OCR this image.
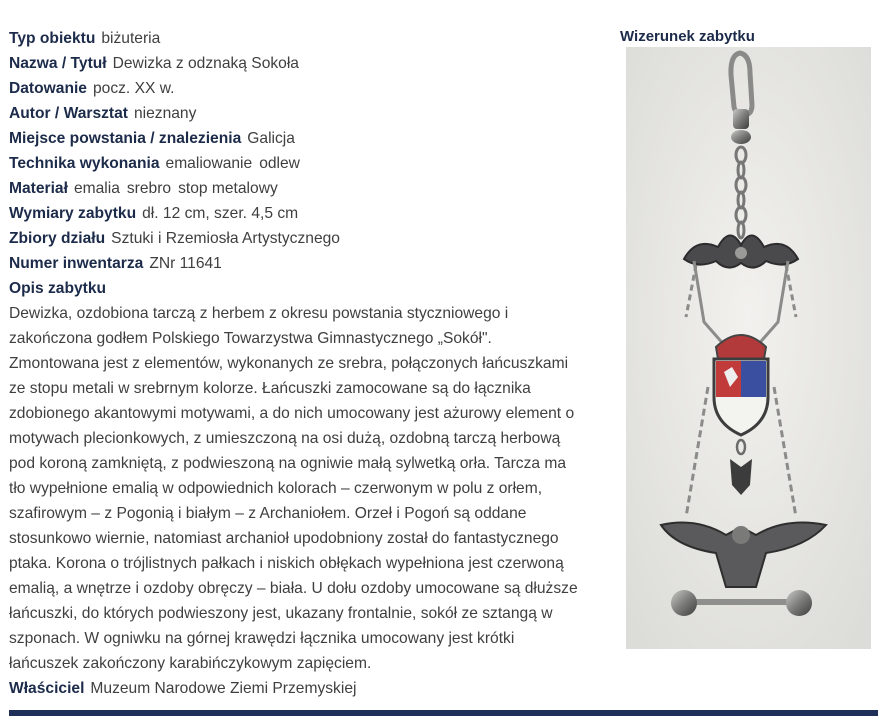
Typ obiektu biżuteria
Nazwa / Tytuł Dewizka z odznaką Sokoła
Datowanie pocz. XX w.
Autor / Warsztat nieznany
Miejsce powstania / znalezienia Galicja
Technika wykonania emaliowanie odlew
Materiał emalia srebro stop metalowy
Wymiary zabytku dł. 12 cm, szer. 4,5 cm
Zbiory działu Sztuki i Rzemiosła Artystycznego
Numer inwentarza ZNr 11641
Opis zabytku
Dewizka, ozdobiona tarczą z herbem z okresu powstania styczniowego i
zakończona godłem Polskiego Towarzystwa Gimnastycznego „Sokół".
Zmontowana jest z elementów, wykonanych ze srebra, połączonych łańcuszkami
ze stopu metali w srebrnym kolorze. Łańcuszki zamocowane są do łącznika
zdobionego akantowymi motywami, a do nich umocowany jest ażurowy element o
motywach plecionkowych, z umieszczoną na osi dużą, ozdobną tarczą herbową
pod koroną zamkniętą, z podwieszoną na ogniwie małą sylwetką orła. Tarcza ma
tło wypełnione emalią w odpowiednich kolorach – czerwonym w polu z orłem,
szafirowym – z Pogonią i białym – z Archaniołem. Orzeł i Pogoń są oddane
stosunkowo wiernie, natomiast archanioł upodobniony został do fantastycznego
ptaka. Korona o trójlistnych pałkach i niskich obłękach wypełniona jest czerwoną
emalią, a wnętrze i ozdoby obręczy – biała. U dołu ozdoby umocowane są dłuższe
łańcuszki, do których podwieszony jest, ukazany frontalnie, sokół ze sztangą w
szponach. W ogniwku na górnej krawędzi łącznika umocowany jest krótki
łańcuszek zakończony karabińczykowym zapięciem.
Właściciel Muzeum Narodowe Ziemi Przemyskiej
Wizerunek zabytku
